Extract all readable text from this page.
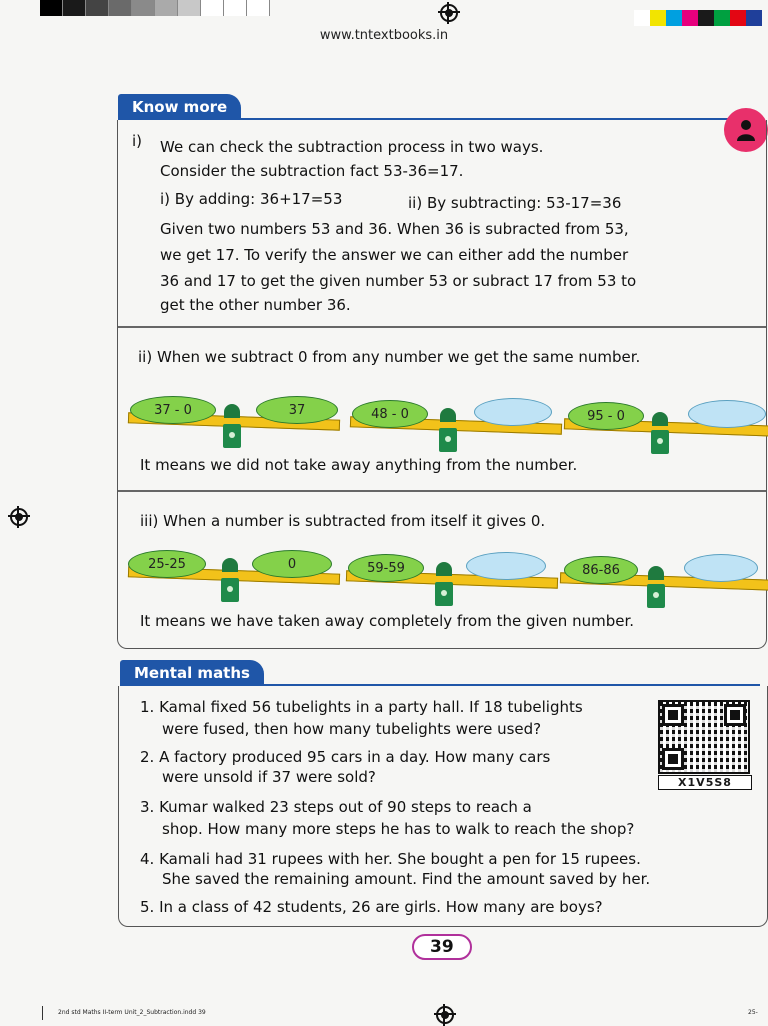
www.tntextbooks.in
Know more
i) We can check the subtraction process in two ways.
Consider the subtraction fact 53-36=17.
i) By adding: 36+17=53	ii) By subtracting: 53-17=36
Given two numbers 53 and 36. When 36 is subracted from 53,
we get 17. To verify the answer we can either add the number
36 and 17 to get the given number 53 or subract 17 from 53 to
get the other number 36.
ii) When we subtract 0 from any number we get the same number.
37 - 0	37	48 - 0	95 - 0
It means we did not take away anything from the number.
iii) When a number is subtracted from itself it gives 0.
25-25	0	59-59	86-86
It means we have taken away completely from the given number.
Mental maths
1. Kamal fixed 56 tubelights in a party hall. If 18 tubelights
were fused, then how many tubelights were used?
2. A factory produced 95 cars in a day. How many cars
were unsold if 37 were sold?
3. Kumar walked 23 steps out of 90 steps to reach a
shop. How many more steps he has to walk to reach the shop?
4. Kamali had 31 rupees with her. She bought a pen for 15 rupees.
She saved the remaining amount. Find the amount saved by her.
5. In a class of 42 students, 26 are girls. How many are boys?
X1V5S8
39
2nd std Maths II-term Unit_2_Subtraction.indd 39	25-
